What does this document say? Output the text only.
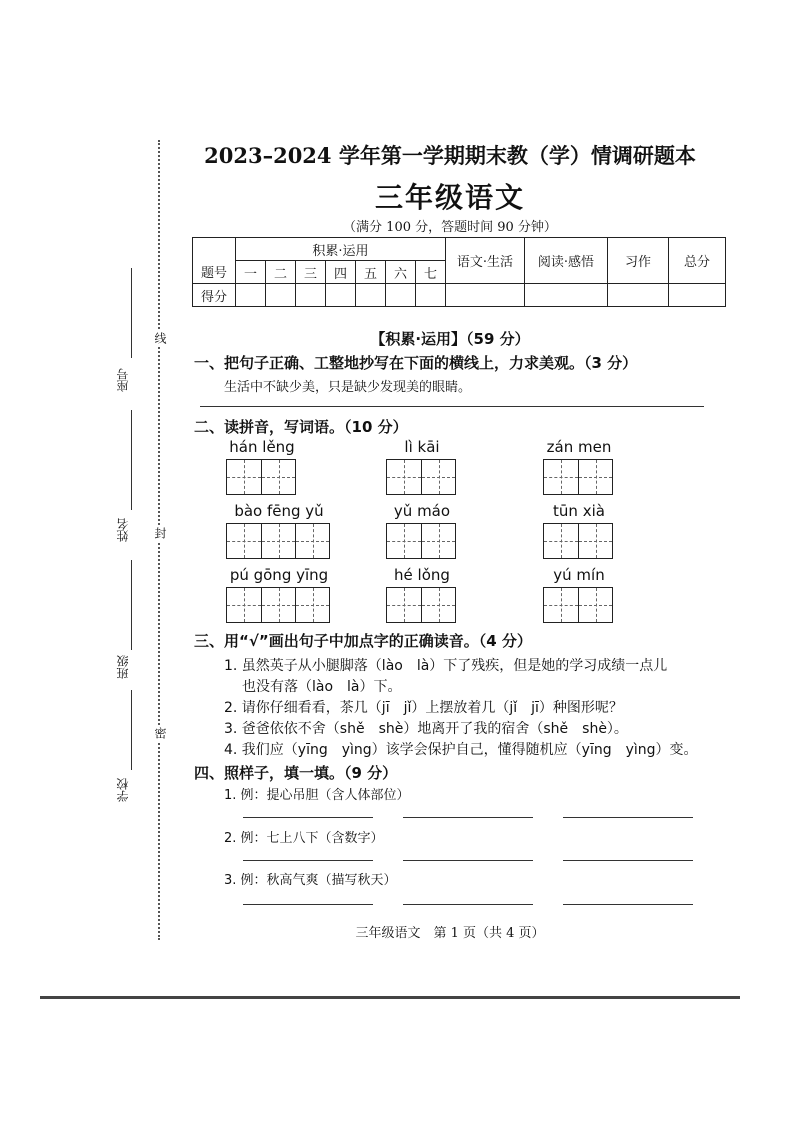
线
封
密
座号
姓名
班级
学校
2023–2024 学年第一学期期末教（学）情调研题本
三年级语文
（满分 100 分，答题时间 90 分钟）
	积累·运用							语文·生活	阅读·感悟	习作	总分
题号	一	二	三	四	五	六	七				
得分											
【积累·运用】（59 分）
一、把句子正确、工整地抄写在下面的横线上，力求美观。（3 分）
生活中不缺少美，只是缺少发现美的眼睛。
二、读拼音，写词语。（10 分）
hán lěng	lì kāi	zán men
bào fēng yǔ	yǔ máo	tūn xià
pú gōng yīng	hé lǒng	yú mín
三、用“√”画出句子中加点字的正确读音。（4 分）
1. 虽然英子从小腿脚落（lào　là）下了残疾，但是她的学习成绩一点儿
也没有落（lào　là）下。
2. 请你仔细看看，茶几（jī　jǐ）上摆放着几（jǐ　jī）种图形呢？
3. 爸爸依依不舍（shě　shè）地离开了我的宿舍（shě　shè）。
4. 我们应（yīng　yìng）该学会保护自己，懂得随机应（yīng　yìng）变。
四、照样子，填一填。（9 分）
1. 例：提心吊胆（含人体部位）
2. 例：七上八下（含数字）
3. 例：秋高气爽（描写秋天）
三年级语文　第 1 页（共 4 页）
